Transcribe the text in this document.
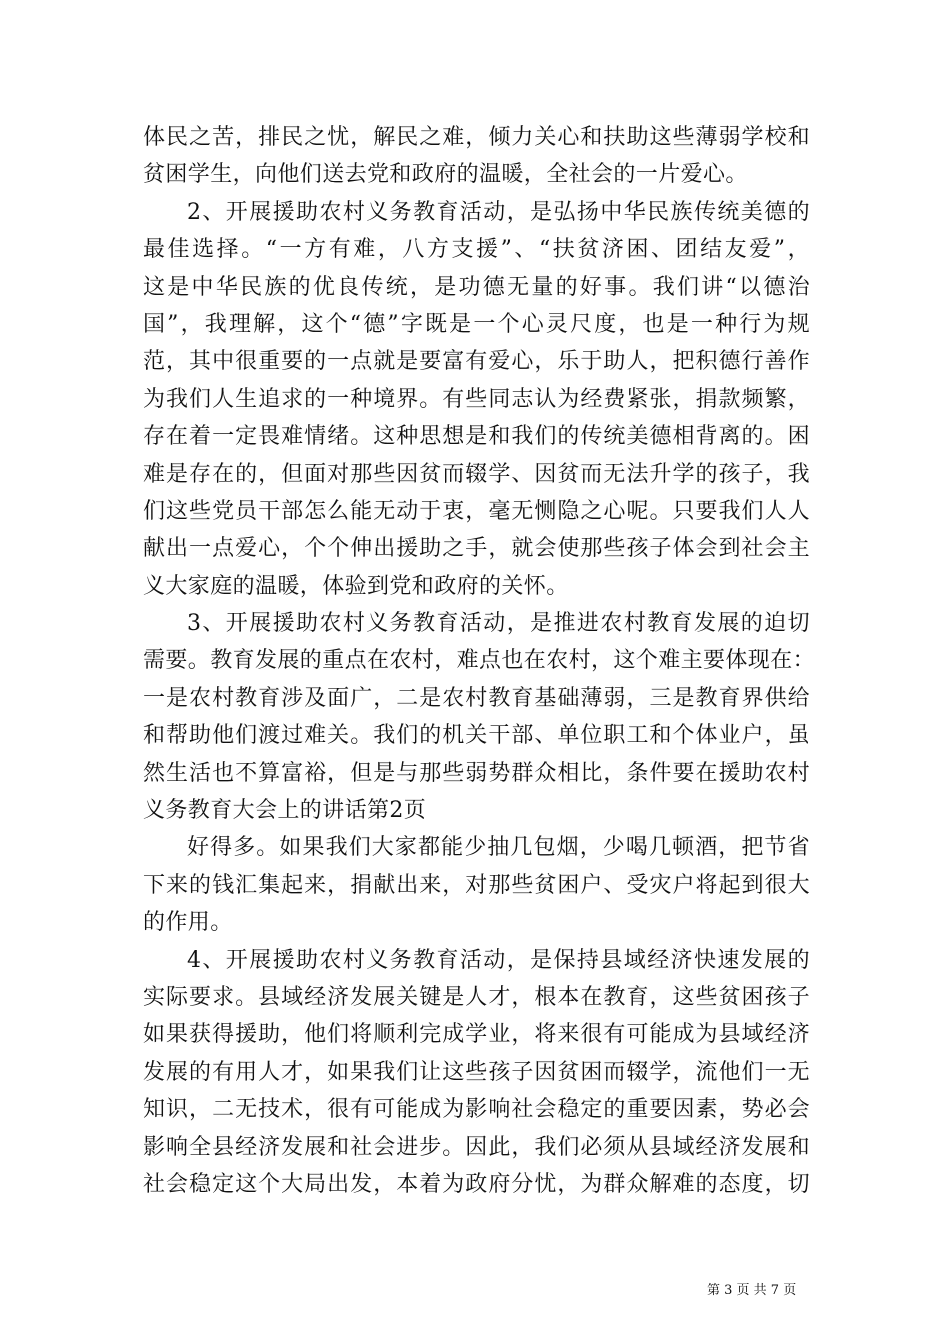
体民之苦，排民之忧，解民之难，倾力关心和扶助这些薄弱学校和
贫困学生，向他们送去党和政府的温暖，全社会的一片爱心。
2、开展援助农村义务教育活动，是弘扬中华民族传统美德的
最佳选择。“一方有难，八方支援”、“扶贫济困、团结友爱”，
这是中华民族的优良传统，是功德无量的好事。我们讲“以德治
国”，我理解，这个“德”字既是一个心灵尺度，也是一种行为规
范，其中很重要的一点就是要富有爱心，乐于助人，把积德行善作
为我们人生追求的一种境界。有些同志认为经费紧张，捐款频繁，
存在着一定畏难情绪。这种思想是和我们的传统美德相背离的。困
难是存在的，但面对那些因贫而辍学、因贫而无法升学的孩子，我
们这些党员干部怎么能无动于衷，毫无恻隐之心呢。只要我们人人
献出一点爱心，个个伸出援助之手，就会使那些孩子体会到社会主
义大家庭的温暖，体验到党和政府的关怀。
3、开展援助农村义务教育活动，是推进农村教育发展的迫切
需要。教育发展的重点在农村，难点也在农村，这个难主要体现在：
一是农村教育涉及面广，二是农村教育基础薄弱，三是教育界供给
和帮助他们渡过难关。我们的机关干部、单位职工和个体业户，虽
然生活也不算富裕，但是与那些弱势群众相比，条件要在援助农村
义务教育大会上的讲话第2页
好得多。如果我们大家都能少抽几包烟，少喝几顿酒，把节省
下来的钱汇集起来，捐献出来，对那些贫困户、受灾户将起到很大
的作用。
4、开展援助农村义务教育活动，是保持县域经济快速发展的
实际要求。县域经济发展关键是人才，根本在教育，这些贫困孩子
如果获得援助，他们将顺利完成学业，将来很有可能成为县域经济
发展的有用人才，如果我们让这些孩子因贫困而辍学，流他们一无
知识，二无技术，很有可能成为影响社会稳定的重要因素，势必会
影响全县经济发展和社会进步。因此，我们必须从县域经济发展和
社会稳定这个大局出发，本着为政府分忧，为群众解难的态度，切
第 3 页 共 7 页
